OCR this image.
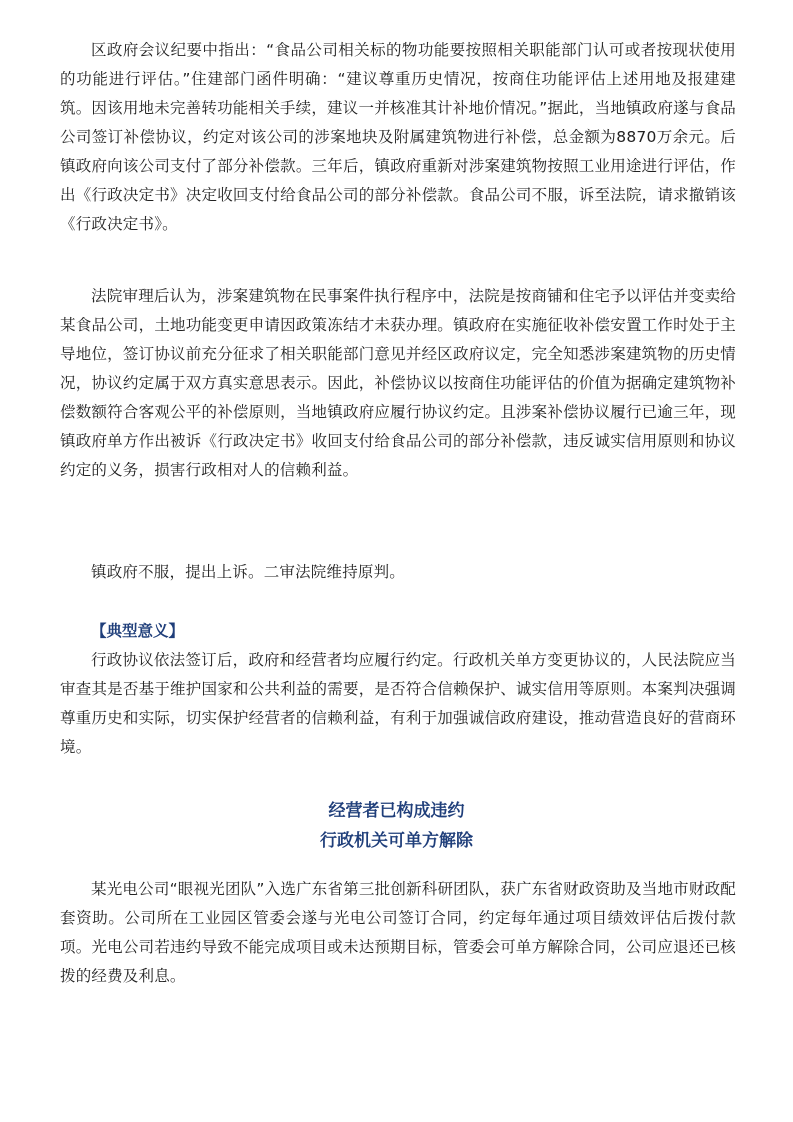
区政府会议纪要中指出：“食品公司相关标的物功能要按照相关职能部门认可或者按现状使用的功能进行评估。”住建部门函件明确：“建议尊重历史情况，按商住功能评估上述用地及报建建筑。因该用地未完善转功能相关手续，建议一并核准其计补地价情况。”据此，当地镇政府遂与食品公司签订补偿协议，约定对该公司的涉案地块及附属建筑物进行补偿，总金额为8870万余元。后镇政府向该公司支付了部分补偿款。三年后，镇政府重新对涉案建筑物按照工业用途进行评估，作出《行政决定书》决定收回支付给食品公司的部分补偿款。食品公司不服，诉至法院，请求撤销该《行政决定书》。

法院审理后认为，涉案建筑物在民事案件执行程序中，法院是按商铺和住宅予以评估并变卖给某食品公司，土地功能变更申请因政策冻结才未获办理。镇政府在实施征收补偿安置工作时处于主导地位，签订协议前充分征求了相关职能部门意见并经区政府议定，完全知悉涉案建筑物的历史情况，协议约定属于双方真实意思表示。因此，补偿协议以按商住功能评估的价值为据确定建筑物补偿数额符合客观公平的补偿原则，当地镇政府应履行协议约定。且涉案补偿协议履行已逾三年，现镇政府单方作出被诉《行政决定书》收回支付给食品公司的部分补偿款，违反诚实信用原则和协议约定的义务，损害行政相对人的信赖利益。

镇政府不服，提出上诉。二审法院维持原判。

【典型意义】

行政协议依法签订后，政府和经营者均应履行约定。行政机关单方变更协议的，人民法院应当审查其是否基于维护国家和公共利益的需要，是否符合信赖保护、诚实信用等原则。本案判决强调尊重历史和实际，切实保护经营者的信赖利益，有利于加强诚信政府建设，推动营造良好的营商环境。

经营者已构成违约

行政机关可单方解除

某光电公司“眼视光团队”入选广东省第三批创新科研团队，获广东省财政资助及当地市财政配套资助。公司所在工业园区管委会遂与光电公司签订合同，约定每年通过项目绩效评估后拨付款项。光电公司若违约导致不能完成项目或未达预期目标，管委会可单方解除合同，公司应退还已核拨的经费及利息。
